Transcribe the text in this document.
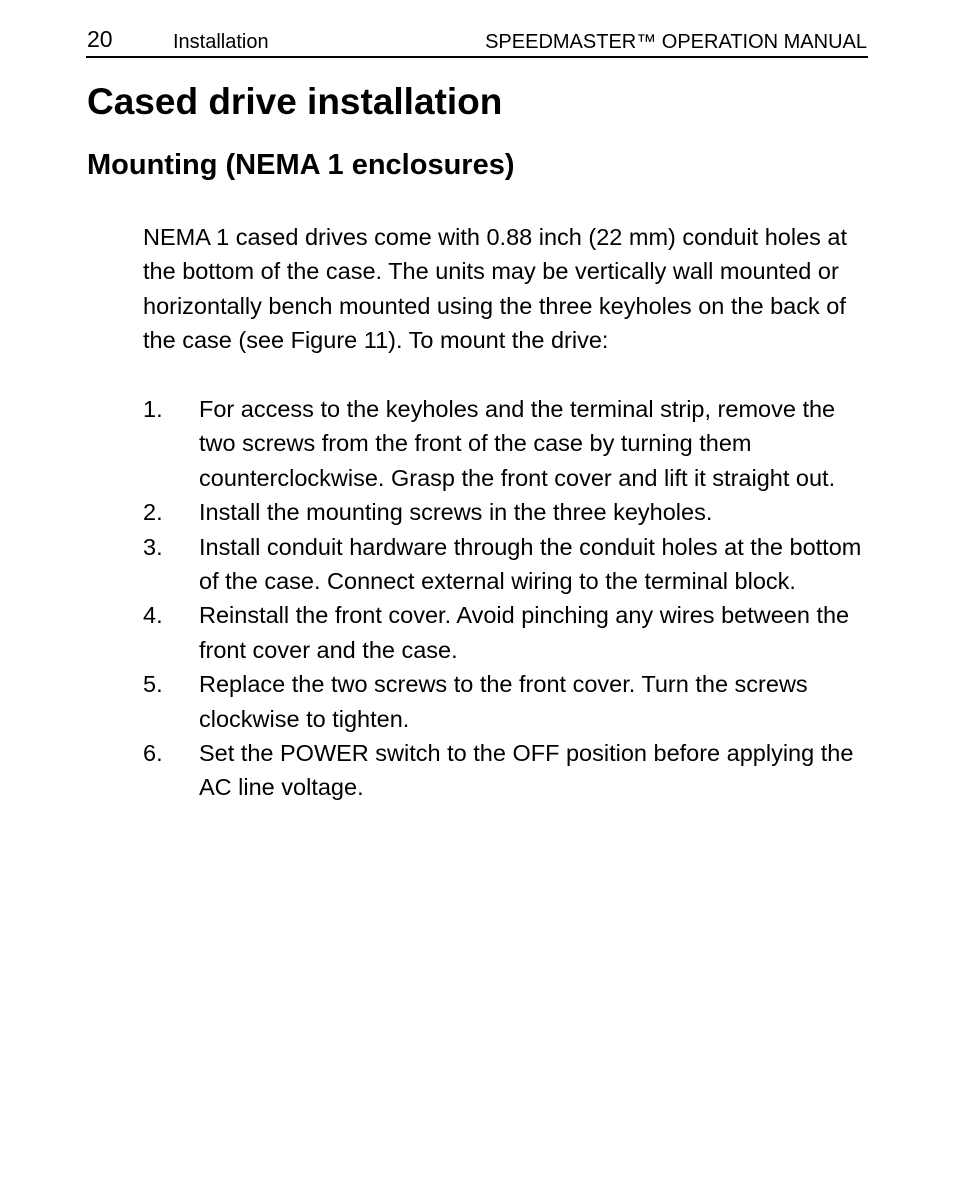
20	Installation	SPEEDMASTER™ OPERATION MANUAL
Cased drive installation
Mounting (NEMA 1 enclosures)

NEMA 1 cased drives come with 0.88 inch (22 mm) conduit holes at the bottom of the case. The units may be vertically wall mounted or horizontally bench mounted using the three keyholes on the back of the case (see Figure 11). To mount the drive:

1.	For access to the keyholes and the terminal strip, remove the two screws from the front of the case by turning them counterclockwise. Grasp the front cover and lift it straight out.
2.	Install the mounting screws in the three keyholes.
3.	Install conduit hardware through the conduit holes at the bottom of the case. Connect external wiring to the terminal block.
4.	Reinstall the front cover. Avoid pinching any wires between the front cover and the case.
5.	Replace the two screws to the front cover. Turn the screws clockwise to tighten.
6.	Set the POWER switch to the OFF position before applying the AC line voltage.
